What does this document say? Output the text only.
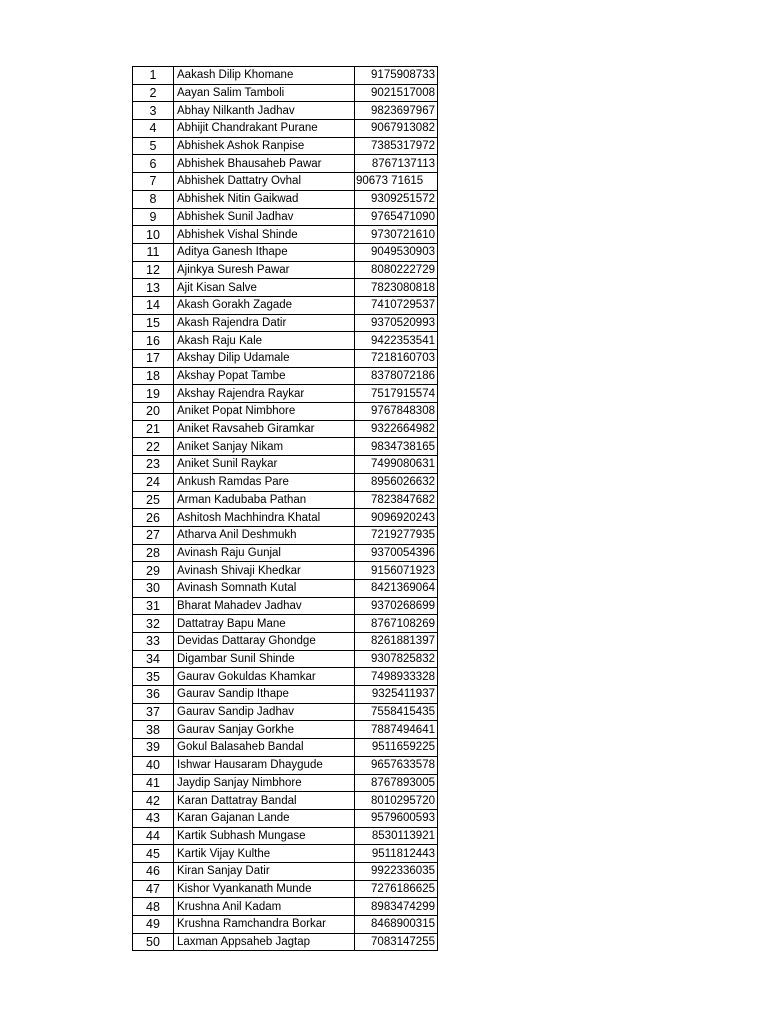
1	Aakash Dilip Khomane	9175908733
2	Aayan Salim Tamboli	9021517008
3	Abhay Nilkanth Jadhav	9823697967
4	Abhijit Chandrakant Purane	9067913082
5	Abhishek Ashok Ranpise	7385317972
6	Abhishek Bhausaheb Pawar	8767137113
7	Abhishek Dattatry Ovhal	90673 71615
8	Abhishek Nitin Gaikwad	9309251572
9	Abhishek Sunil Jadhav	9765471090
10	Abhishek Vishal Shinde	9730721610
11	Aditya Ganesh Ithape	9049530903
12	Ajinkya Suresh Pawar	8080222729
13	Ajit Kisan Salve	7823080818
14	Akash Gorakh Zagade	7410729537
15	Akash Rajendra Datir	9370520993
16	Akash Raju Kale	9422353541
17	Akshay Dilip Udamale	7218160703
18	Akshay Popat Tambe	8378072186
19	Akshay Rajendra Raykar	7517915574
20	Aniket Popat Nimbhore	9767848308
21	Aniket Ravsaheb Giramkar	9322664982
22	Aniket Sanjay Nikam	9834738165
23	Aniket Sunil Raykar	7499080631
24	Ankush Ramdas Pare	8956026632
25	Arman Kadubaba Pathan	7823847682
26	Ashitosh Machhindra Khatal	9096920243
27	Atharva Anil Deshmukh	7219277935
28	Avinash Raju Gunjal	9370054396
29	Avinash Shivaji Khedkar	9156071923
30	Avinash Somnath Kutal	8421369064
31	Bharat Mahadev Jadhav	9370268699
32	Dattatray Bapu Mane	8767108269
33	Devidas Dattaray Ghondge	8261881397
34	Digambar Sunil Shinde	9307825832
35	Gaurav Gokuldas Khamkar	7498933328
36	Gaurav Sandip Ithape	9325411937
37	Gaurav Sandip Jadhav	7558415435
38	Gaurav Sanjay Gorkhe	7887494641
39	Gokul Balasaheb Bandal	9511659225
40	Ishwar Hausaram Dhaygude	9657633578
41	Jaydip Sanjay Nimbhore	8767893005
42	Karan Dattatray Bandal	8010295720
43	Karan Gajanan Lande	9579600593
44	Kartik Subhash Mungase	8530113921
45	Kartik Vijay Kulthe	9511812443
46	Kiran Sanjay Datir	9922336035
47	Kishor Vyankanath Munde	7276186625
48	Krushna Anil Kadam	8983474299
49	Krushna Ramchandra Borkar	8468900315
50	Laxman Appsaheb Jagtap	7083147255
